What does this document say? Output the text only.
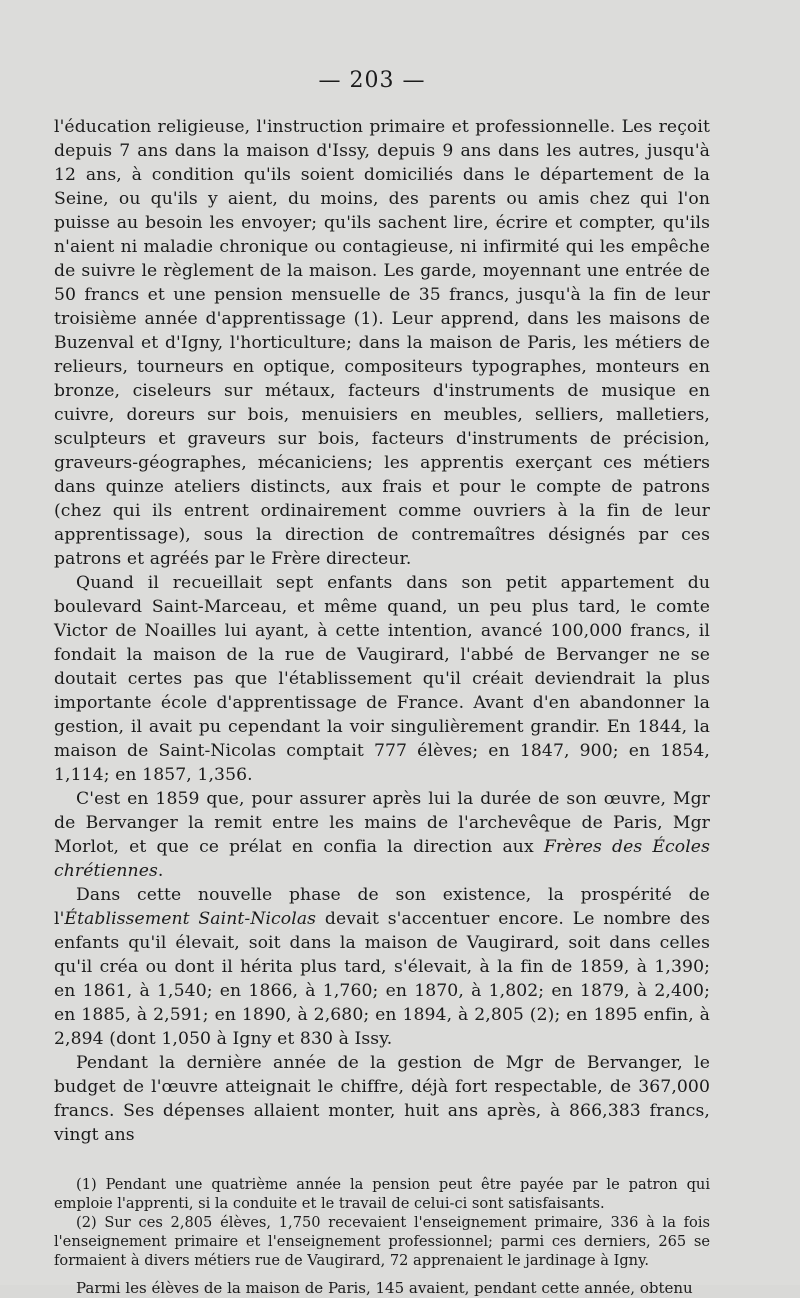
— 203 —

l'éducation religieuse, l'instruction primaire et professionnelle. Les reçoit depuis 7 ans dans la maison d'Issy, depuis 9 ans dans les autres, jusqu'à 12 ans, à condition qu'ils soient domiciliés dans le département de la Seine, ou qu'ils y aient, du moins, des parents ou amis chez qui l'on puisse au besoin les envoyer; qu'ils sachent lire, écrire et compter, qu'ils n'aient ni maladie chronique ou contagieuse, ni infirmité qui les empêche de suivre le règlement de la maison. Les garde, moyennant une entrée de 50 francs et une pension mensuelle de 35 francs, jusqu'à la fin de leur troisième année d'apprentissage (1). Leur apprend, dans les maisons de Buzenval et d'Igny, l'horticulture; dans la maison de Paris, les métiers de relieurs, tourneurs en optique, compositeurs typographes, monteurs en bronze, ciseleurs sur métaux, facteurs d'instruments de musique en cuivre, doreurs sur bois, menuisiers en meubles, selliers, malletiers, sculpteurs et graveurs sur bois, facteurs d'instruments de précision, graveurs-géographes, mécaniciens; les apprentis exerçant ces métiers dans quinze ateliers distincts, aux frais et pour le compte de patrons (chez qui ils entrent ordinairement comme ouvriers à la fin de leur apprentissage), sous la direction de contremaîtres désignés par ces patrons et agréés par le Frère directeur.

Quand il recueillait sept enfants dans son petit appartement du boulevard Saint-Marceau, et même quand, un peu plus tard, le comte Victor de Noailles lui ayant, à cette intention, avancé 100,000 francs, il fondait la maison de la rue de Vaugirard, l'abbé de Bervanger ne se doutait certes pas que l'établissement qu'il créait deviendrait la plus importante école d'apprentissage de France. Avant d'en abandonner la gestion, il avait pu cependant la voir singulièrement grandir. En 1844, la maison de Saint-Nicolas comptait 777 élèves; en 1847, 900; en 1854, 1,114; en 1857, 1,356.

C'est en 1859 que, pour assurer après lui la durée de son œuvre, Mgr de Bervanger la remit entre les mains de l'archevêque de Paris, Mgr Morlot, et que ce prélat en confia la direction aux Frères des Écoles chrétiennes.

Dans cette nouvelle phase de son existence, la prospérité de l'Établissement Saint-Nicolas devait s'accentuer encore. Le nombre des enfants qu'il élevait, soit dans la maison de Vaugirard, soit dans celles qu'il créa ou dont il hérita plus tard, s'élevait, à la fin de 1859, à 1,390; en 1861, à 1,540; en 1866, à 1,760; en 1870, à 1,802; en 1879, à 2,400; en 1885, à 2,591; en 1890, à 2,680; en 1894, à 2,805 (2); en 1895 enfin, à 2,894 (dont 1,050 à Igny et 830 à Issy.

Pendant la dernière année de la gestion de Mgr de Bervanger, le budget de l'œuvre atteignait le chiffre, déjà fort respectable, de 367,000 francs. Ses dépenses allaient monter, huit ans après, à 866,383 francs, vingt ans

(1) Pendant une quatrième année la pension peut être payée par le patron qui emploie l'apprenti, si la conduite et le travail de celui-ci sont satisfaisants.

(2) Sur ces 2,805 élèves, 1,750 recevaient l'enseignement primaire, 336 à la fois l'enseignement primaire et l'enseignement professionnel; parmi ces derniers, 265 se formaient à divers métiers rue de Vaugirard, 72 apprenaient le jardinage à Igny.

Parmi les élèves de la maison de Paris, 145 avaient, pendant cette année, obtenu
